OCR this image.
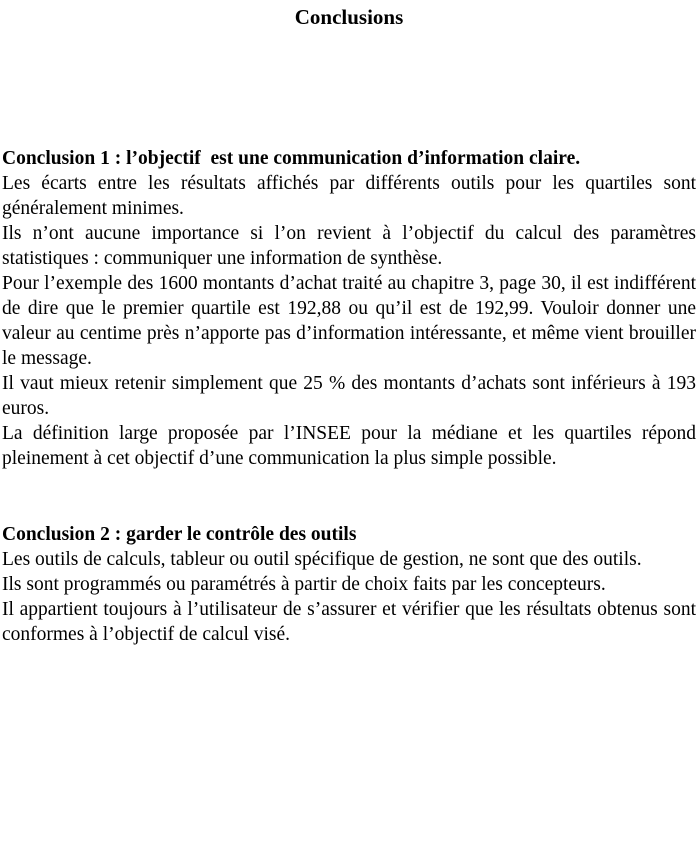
Conclusions
Conclusion 1 : l’objectif  est une communication d’information claire.

Les écarts entre les résultats affichés par différents outils pour les quartiles sont généralement minimes.

Ils n’ont aucune importance si l’on revient à l’objectif du calcul des paramètres statistiques : communiquer une information de synthèse.

Pour l’exemple des 1600 montants d’achat traité au chapitre 3, page 30, il est indifférent de dire que le premier quartile est 192,88 ou qu’il est de 192,99. Vouloir donner une valeur au centime près n’apporte pas d’information intéressante, et même vient brouiller le message.

Il vaut mieux retenir simplement que 25 % des montants d’achats sont inférieurs à 193 euros.

La définition large proposée par l’INSEE pour la médiane et les quartiles répond pleinement à cet objectif d’une communication la plus simple possible.

Conclusion 2 : garder le contrôle des outils

Les outils de calculs, tableur ou outil spécifique de gestion, ne sont que des outils.

Ils sont programmés ou paramétrés à partir de choix faits par les concepteurs.

Il appartient toujours à l’utilisateur de s’assurer et vérifier que les résultats obtenus sont conformes à l’objectif de calcul visé.
